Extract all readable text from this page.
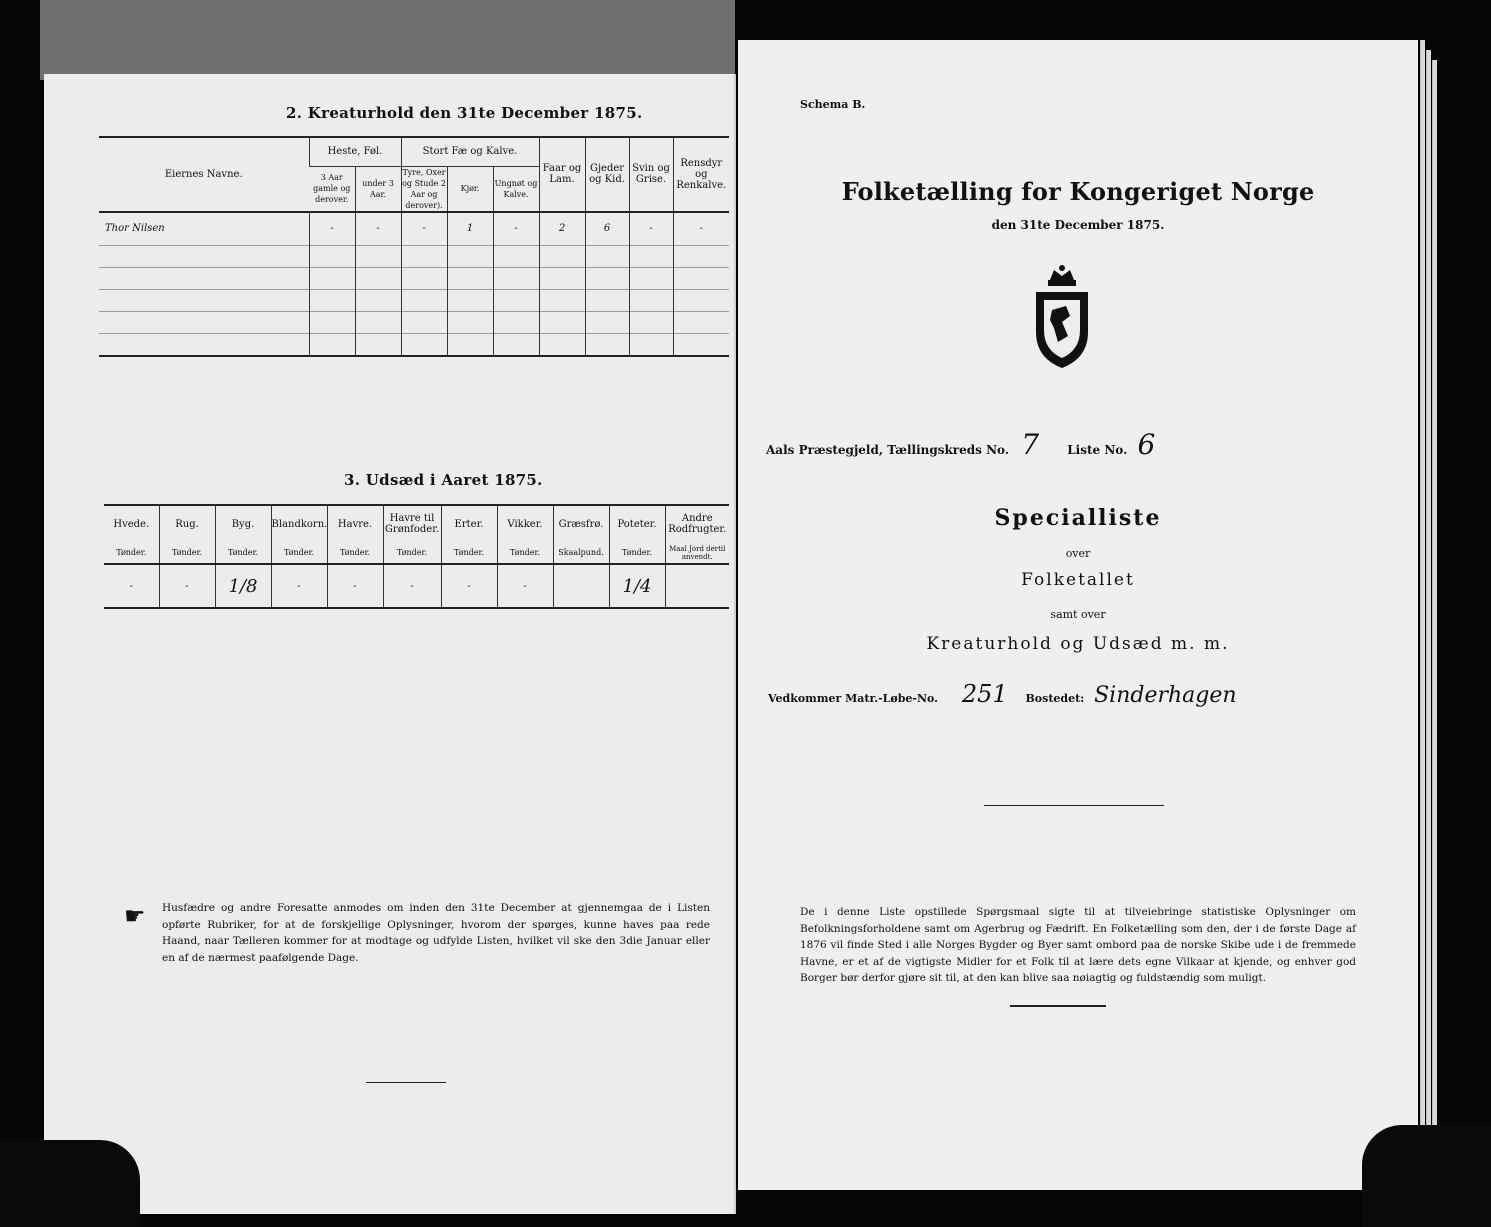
2. Kreaturhold den 31te December 1875.
Eiernes Navne.	Heste, Føl.		Stort Fæ og Kalve.			Faar og Lam.	Gjeder og Kid.	Svin og Grise.	Rensdyr og Renkalve.
	3 Aar gamle og derover.	under 3 Aar.	Tyre, Oxer og Stude 2 Aar og derover).	Kjør.	Ungnøt og Kalve.				
Thor Nilsen	-	-	-	1	-	2	6	-	-

3. Udsæd i Aaret 1875.
Hvede.	Rug.	Byg.	Blandkorn.	Havre.	Havre til Grønfoder.	Erter.	Vikker.	Græsfrø.	Poteter.	Andre Rodfrugter.
Tønder.	Tønder.	Tønder.	Tønder.	Tønder.	Tønder.	Tønder.	Tønder.	Skaalpund.	Tønder.	Maal Jord dertil anvendt.
-	-	1/8	-	-	-	-	-		1/4	
☛ Husfædre og andre Foresatte anmodes om inden den 31te December at gjennemgaa de i Listen opførte Rubriker, for at de forskjellige Oplysninger, hvorom der spørges, kunne haves paa rede Haand, naar Tælleren kommer for at modtage og udfylde Listen, hvilket vil ske den 3die Januar eller en af de nærmest paafølgende Dage.
Schema B.
Folketælling for Kongeriget Norge
den 31te December 1875.
Aals Præstegjeld, Tællingskreds No. 7 Liste No. 6
Specialliste
over
Folketallet
samt over
Kreaturhold og Udsæd m. m.
Vedkommer Matr.-Løbe-No. 251 Bostedet: Sinderhagen
De i denne Liste opstillede Spørgsmaal sigte til at tilveiebringe statistiske Oplysninger om Befolkningsforholdene samt om Agerbrug og Fædrift. En Folketælling som den, der i de første Dage af 1876 vil finde Sted i alle Norges Bygder og Byer samt ombord paa de norske Skibe ude i de fremmede Havne, er et af de vigtigste Midler for et Folk til at lære dets egne Vilkaar at kjende, og enhver god Borger bør derfor gjøre sit til, at den kan blive saa nøiagtig og fuldstændig som muligt.
